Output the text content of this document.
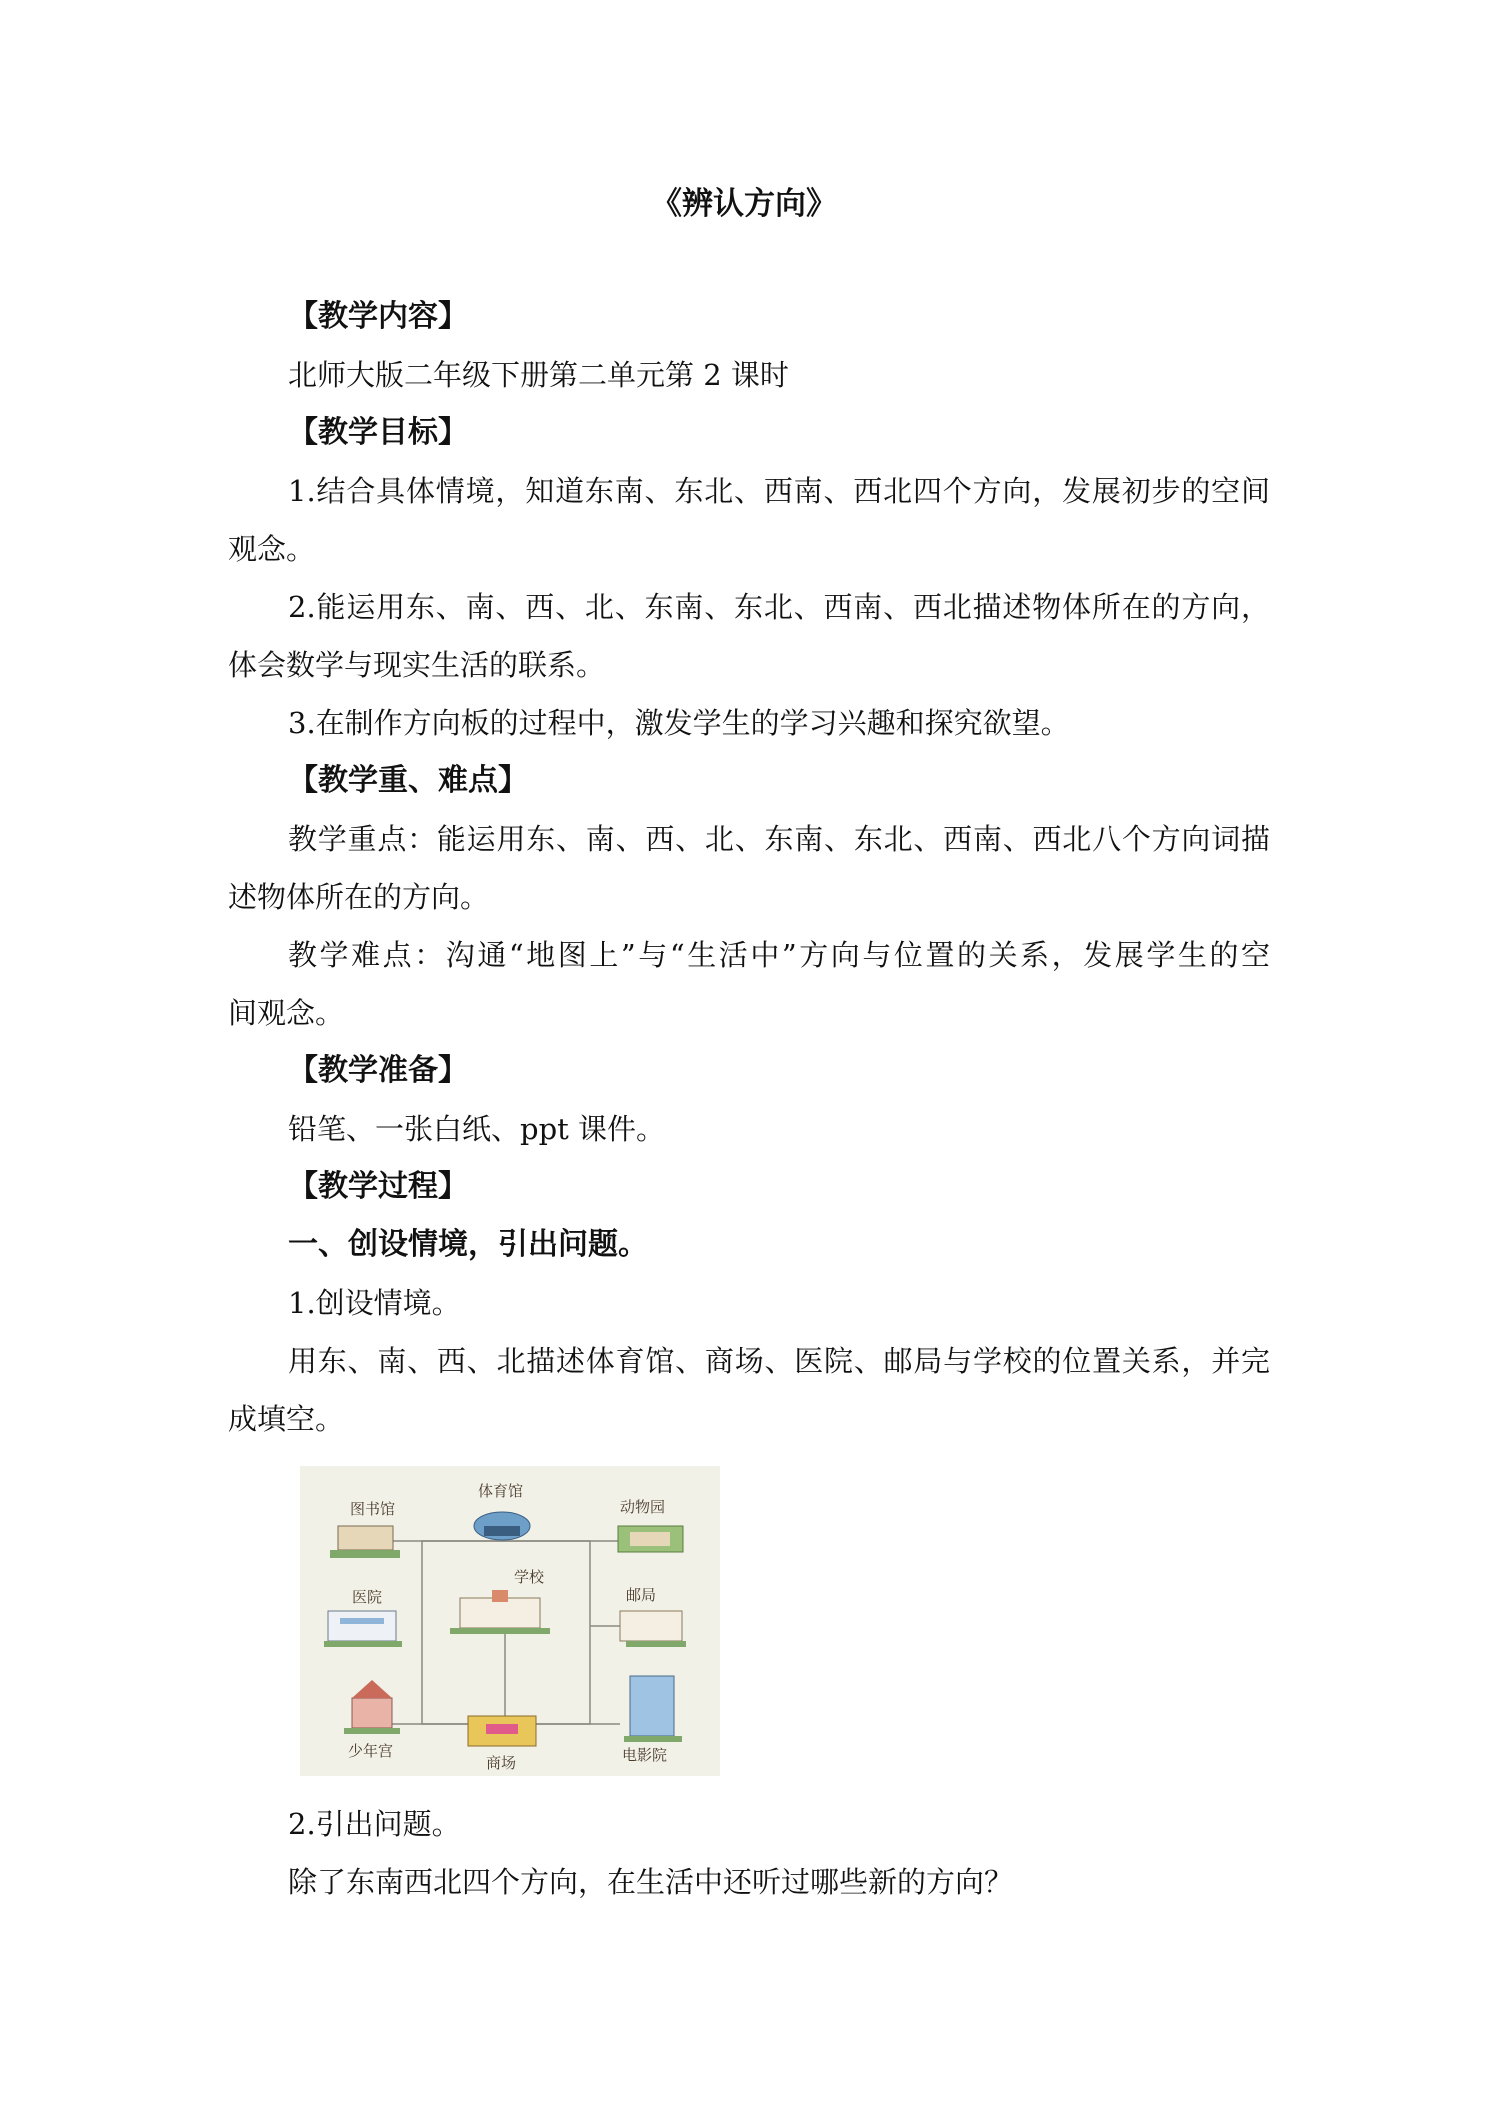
《辨认方向》
【教学内容】
北师大版二年级下册第二单元第 2 课时
【教学目标】
1.结合具体情境，知道东南、东北、西南、西北四个方向，发展初步的空间
观念。
2.能运用东、南、西、北、东南、东北、西南、西北描述物体所在的方向，
体会数学与现实生活的联系。
3.在制作方向板的过程中，激发学生的学习兴趣和探究欲望。
【教学重、难点】
教学重点：能运用东、南、西、北、东南、东北、西南、西北八个方向词描
述物体所在的方向。
教学难点：沟通“地图上”与“生活中”方向与位置的关系，发展学生的空
间观念。
【教学准备】
铅笔、一张白纸、ppt 课件。
【教学过程】
一、创设情境，引出问题。
1.创设情境。
用东、南、西、北描述体育馆、商场、医院、邮局与学校的位置关系，并完
成填空。
图书馆
体育馆
动物园
医院
学校
邮局
少年宫
商场	电影院
2.引出问题。
除了东南西北四个方向，在生活中还听过哪些新的方向？
